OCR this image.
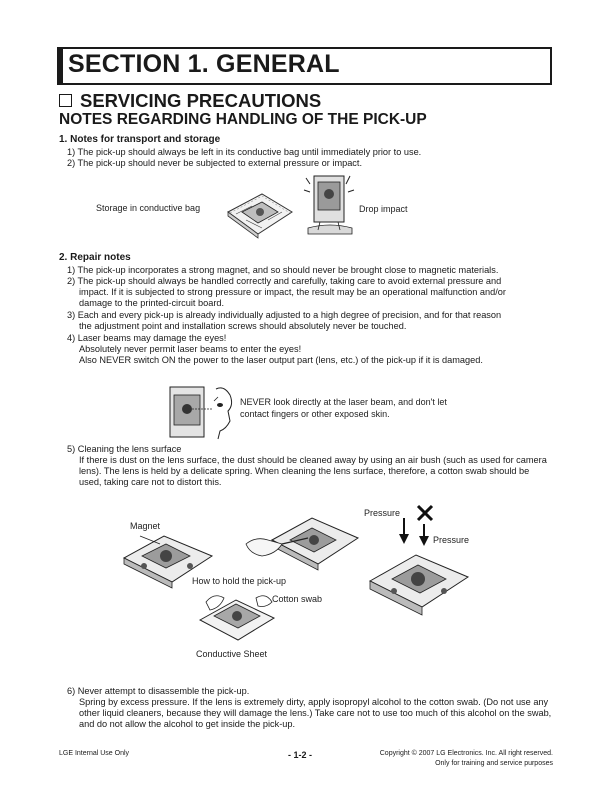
SECTION 1. GENERAL
SERVICING PRECAUTIONS
NOTES REGARDING HANDLING OF THE PICK-UP
1. Notes for transport and storage
1) The pick-up should always be left in its conductive bag until immediately prior to use.
2) The pick-up should never be subjected to external pressure or impact.
Storage in conductive bag	Drop impact
2. Repair notes
1) The pick-up incorporates a strong magnet, and so should never be brought close to magnetic materials.
2) The pick-up should always be handled correctly and carefully, taking care to avoid external pressure and
impact. If it is subjected to strong pressure or impact, the result may be an operational malfunction and/or
damage to the printed-circuit board.
3) Each and every pick-up is already individually adjusted to a high degree of precision, and for that reason
the adjustment point and installation screws should absolutely never be touched.
4) Laser beams may damage the eyes!
Absolutely never permit laser beams to enter the eyes!
Also NEVER switch ON the power to the laser output part (lens, etc.) of the pick-up if it is damaged.
NEVER look directly at the laser beam, and don't let
contact fingers or other exposed skin.
5) Cleaning the lens surface
If there is dust on the lens surface, the dust should be cleaned away by using an air bush (such as used for camera lens). The lens is held by a delicate spring. When cleaning the lens surface, therefore, a cotton swab should be used, taking care not to distort this.
Magnet
Pressure
Pressure
How to hold the pick-up
Cotton swab
Conductive Sheet
6) Never attempt to disassemble the pick-up.
Spring by excess pressure. If the lens is extremely dirty, apply isopropyl alcohol to the cotton swab. (Do not use any other liquid cleaners, because they will damage the lens.) Take care not to use too much of this alcohol on the swab, and do not allow the alcohol to get inside the pick-up.
LGE Internal Use Only	- 1-2 -	Copyright © 2007 LG Electronics. Inc. All right reserved.
Only for training and service purposes
